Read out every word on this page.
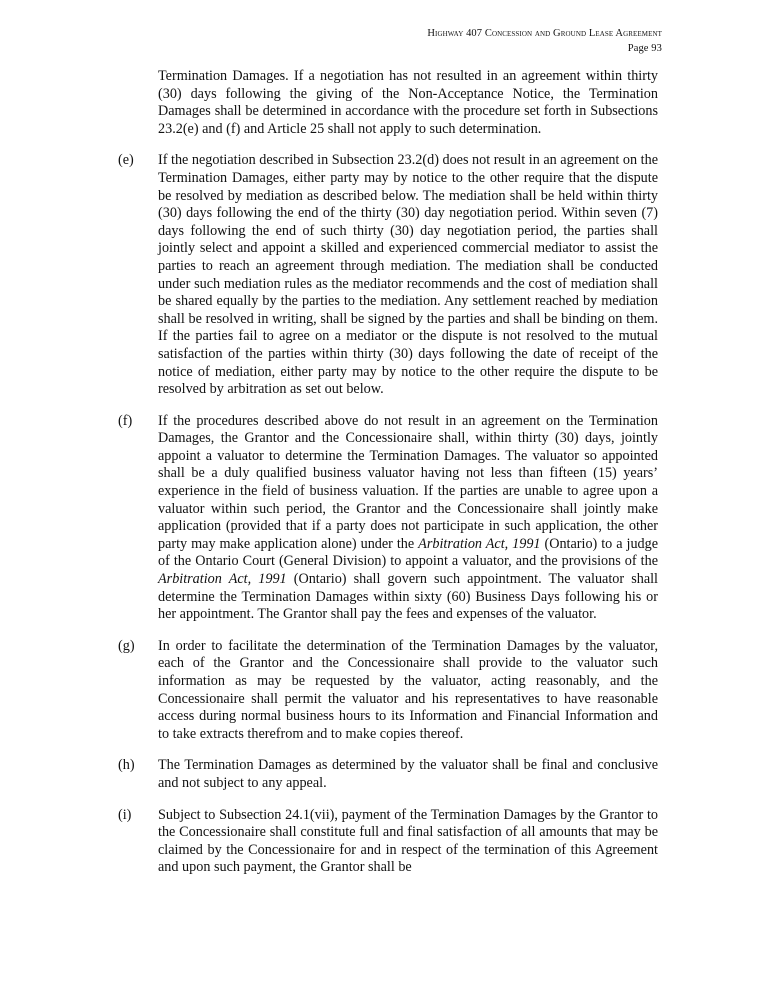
Highway 407 Concession and Ground Lease Agreement
Page 93

Termination Damages. If a negotiation has not resulted in an agreement within thirty (30) days following the giving of the Non-Acceptance Notice, the Termination Damages shall be determined in accordance with the procedure set forth in Subsections 23.2(e) and (f) and Article 25 shall not apply to such determination.

(e) If the negotiation described in Subsection 23.2(d) does not result in an agreement on the Termination Damages, either party may by notice to the other require that the dispute be resolved by mediation as described below. The mediation shall be held within thirty (30) days following the end of the thirty (30) day negotiation period. Within seven (7) days following the end of such thirty (30) day negotiation period, the parties shall jointly select and appoint a skilled and experienced commercial mediator to assist the parties to reach an agreement through mediation. The mediation shall be conducted under such mediation rules as the mediator recommends and the cost of mediation shall be shared equally by the parties to the mediation. Any settlement reached by mediation shall be resolved in writing, shall be signed by the parties and shall be binding on them. If the parties fail to agree on a mediator or the dispute is not resolved to the mutual satisfaction of the parties within thirty (30) days following the date of receipt of the notice of mediation, either party may by notice to the other require the dispute to be resolved by arbitration as set out below.
(f) If the procedures described above do not result in an agreement on the Termination Damages, the Grantor and the Concessionaire shall, within thirty (30) days, jointly appoint a valuator to determine the Termination Damages. The valuator so appointed shall be a duly qualified business valuator having not less than fifteen (15) years’ experience in the field of business valuation. If the parties are unable to agree upon a valuator within such period, the Grantor and the Concessionaire shall jointly make application (provided that if a party does not participate in such application, the other party may make application alone) under the Arbitration Act, 1991 (Ontario) to a judge of the Ontario Court (General Division) to appoint a valuator, and the provisions of the Arbitration Act, 1991 (Ontario) shall govern such appointment. The valuator shall determine the Termination Damages within sixty (60) Business Days following his or her appointment. The Grantor shall pay the fees and expenses of the valuator.
(g) In order to facilitate the determination of the Termination Damages by the valuator, each of the Grantor and the Concessionaire shall provide to the valuator such information as may be requested by the valuator, acting reasonably, and the Concessionaire shall permit the valuator and his representatives to have reasonable access during normal business hours to its Information and Financial Information and to take extracts therefrom and to make copies thereof.
(h) The Termination Damages as determined by the valuator shall be final and conclusive and not subject to any appeal.
(i) Subject to Subsection 24.1(vii), payment of the Termination Damages by the Grantor to the Concessionaire shall constitute full and final satisfaction of all amounts that may be claimed by the Concessionaire for and in respect of the termination of this Agreement and upon such payment, the Grantor shall be
